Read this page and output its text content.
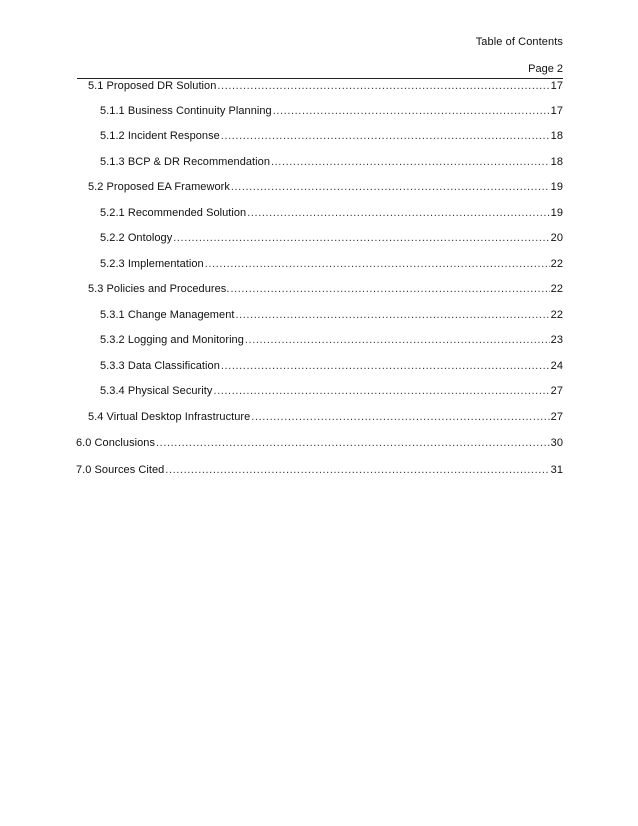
Table of Contents
Page 2
5.1 Proposed DR Solution .....	17
5.1.1 Business Continuity Planning .....	17
5.1.2 Incident Response .....	18
5.1.3 BCP & DR Recommendation .....	18
5.2 Proposed EA Framework .....	19
5.2.1 Recommended Solution .....	19
5.2.2 Ontology .....	20
5.2.3 Implementation .....	22
5.3 Policies and Procedures. .....	22
5.3.1 Change Management .....	22
5.3.2 Logging and Monitoring .....	23
5.3.3 Data Classification .....	24
5.3.4 Physical Security .....	27
5.4 Virtual Desktop Infrastructure .....	27
6.0 Conclusions .....	30
7.0 Sources Cited .....	31
